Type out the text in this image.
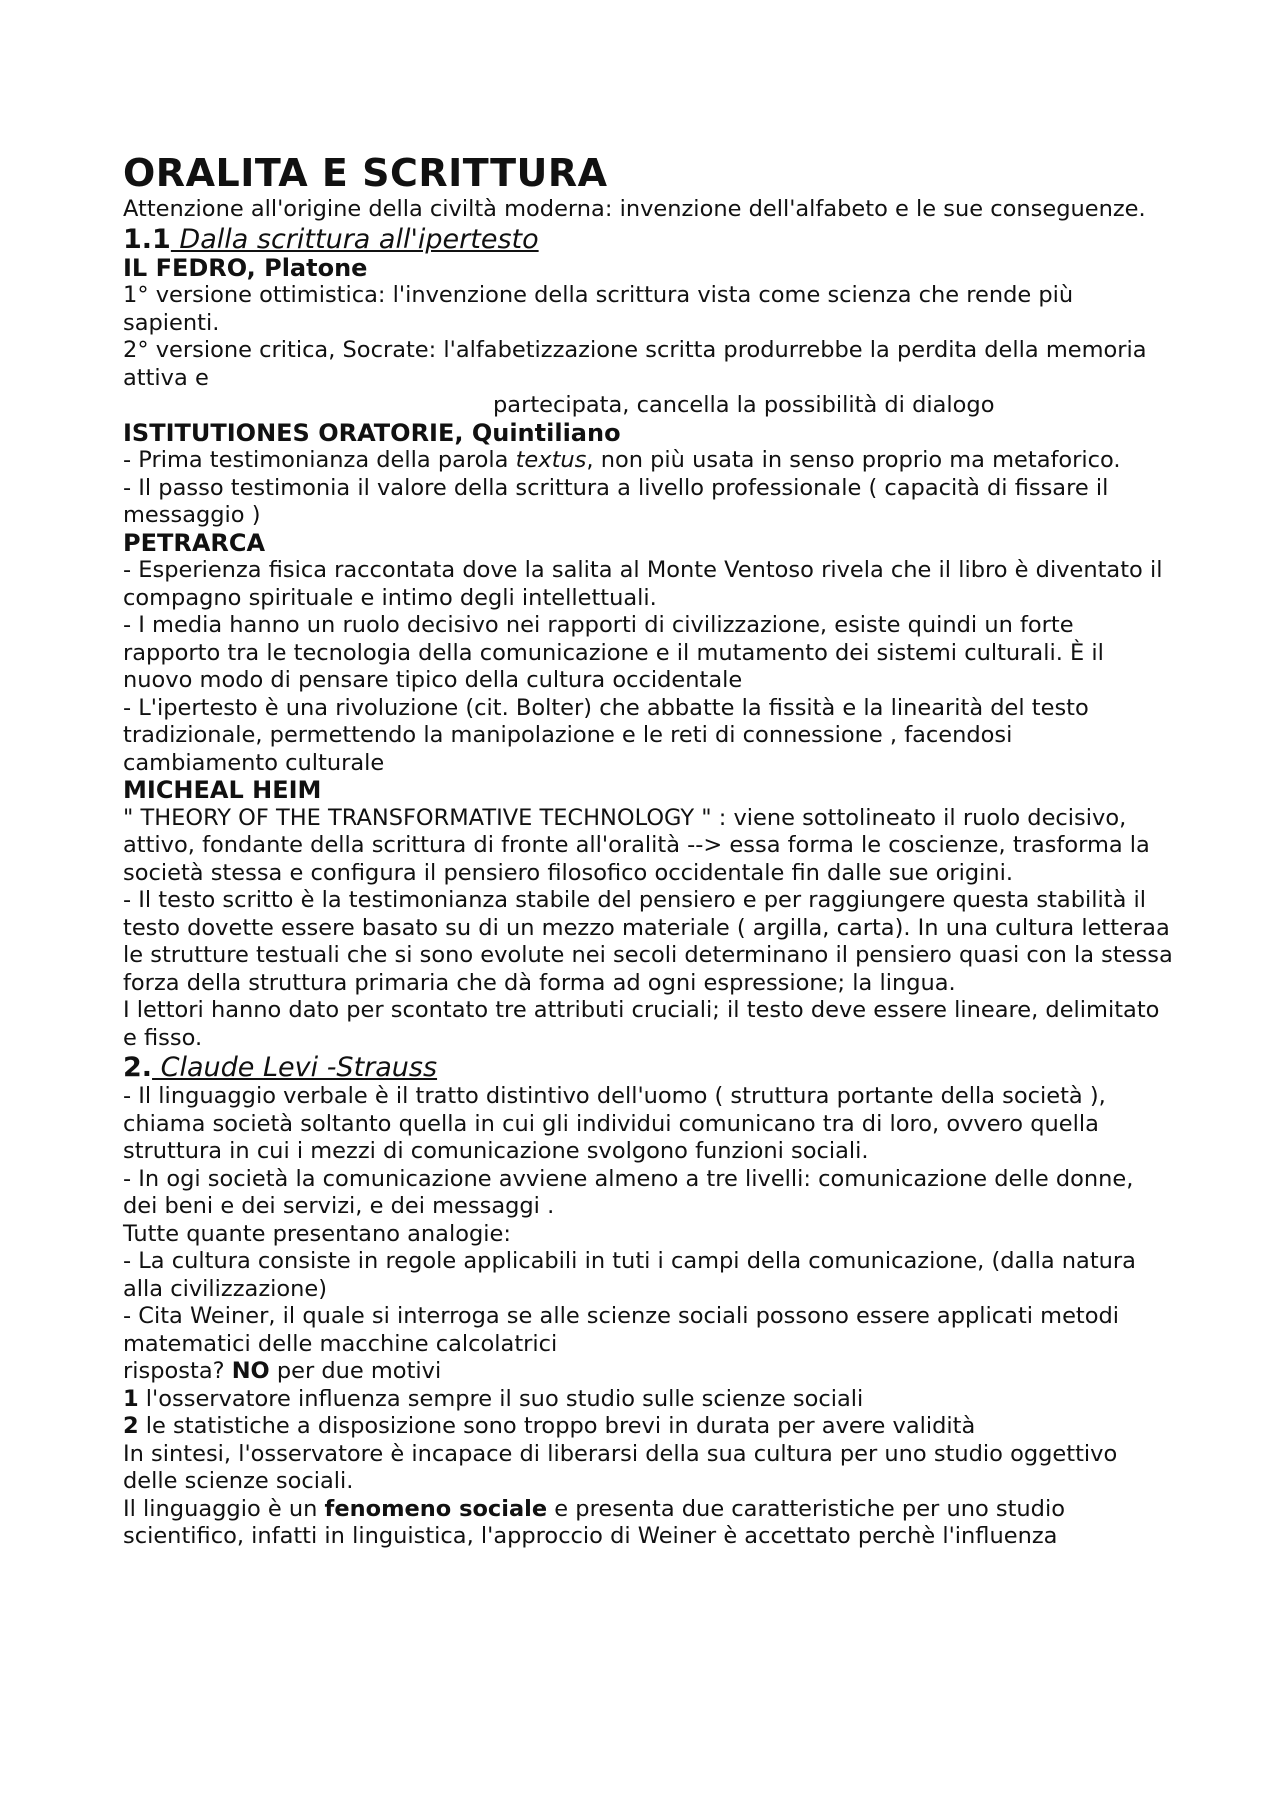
ORALITA E SCRITTURA

Attenzione all'origine della civiltà moderna: invenzione dell'alfabeto e le sue conseguenze.

1.1 Dalla scrittura all'ipertesto

IL FEDRO, Platone

1° versione ottimistica: l'invenzione della scrittura vista come scienza che rende più sapienti.

2° versione critica, Socrate: l'alfabetizzazione scritta produrrebbe la perdita della memoria attiva e

partecipata, cancella la possibilità di dialogo

ISTITUTIONES ORATORIE, Quintiliano

- Prima testimonianza della parola textus, non più usata in senso proprio ma metaforico.

- Il passo testimonia il valore della scrittura a livello professionale ( capacità di fissare il messaggio )

PETRARCA

- Esperienza fisica raccontata dove la salita al Monte Ventoso rivela che il libro è diventato il compagno spirituale e intimo degli intellettuali.

- I media hanno un ruolo decisivo nei rapporti di civilizzazione, esiste quindi un forte rapporto tra le tecnologia della comunicazione e il mutamento dei sistemi culturali. È il nuovo modo di pensare tipico della cultura occidentale

- L'ipertesto è una rivoluzione (cit. Bolter) che abbatte la fissità e la linearità del testo tradizionale, permettendo la manipolazione e le reti di connessione , facendosi cambiamento culturale

MICHEAL HEIM

" THEORY OF THE TRANSFORMATIVE TECHNOLOGY " : viene sottolineato il ruolo decisivo, attivo, fondante della scrittura di fronte all'oralità --> essa forma le coscienze, trasforma la società stessa e configura il pensiero filosofico occidentale fin dalle sue origini.

- Il testo scritto è la testimonianza stabile del pensiero e per raggiungere questa stabilità il testo dovette essere basato su di un mezzo materiale ( argilla, carta). In una cultura letteraa le strutture testuali che si sono evolute nei secoli determinano il pensiero quasi con la stessa forza della struttura primaria che dà forma ad ogni espressione; la lingua.

I lettori hanno dato per scontato tre attributi cruciali; il testo deve essere lineare, delimitato e fisso.

2. Claude Levi -Strauss

- Il linguaggio verbale è il tratto distintivo dell'uomo ( struttura portante della società ), chiama società soltanto quella in cui gli individui comunicano tra di loro, ovvero quella struttura in cui i mezzi di comunicazione svolgono funzioni sociali.

- In ogi società la comunicazione avviene almeno a tre livelli: comunicazione delle donne, dei beni e dei servizi, e dei messaggi .

Tutte quante presentano analogie:

- La cultura consiste in regole applicabili in tuti i campi della comunicazione, (dalla natura alla civilizzazione)

- Cita Weiner, il quale si interroga se alle scienze sociali possono essere applicati metodi matematici delle macchine calcolatrici

risposta? NO per due motivi

1 l'osservatore influenza sempre il suo studio sulle scienze sociali

2 le statistiche a disposizione sono troppo brevi in durata per avere validità

In sintesi, l'osservatore è incapace di liberarsi della sua cultura per uno studio oggettivo delle scienze sociali.

Il linguaggio è un fenomeno sociale e presenta due caratteristiche per uno studio scientifico, infatti in linguistica, l'approccio di Weiner è accettato perchè l'influenza
